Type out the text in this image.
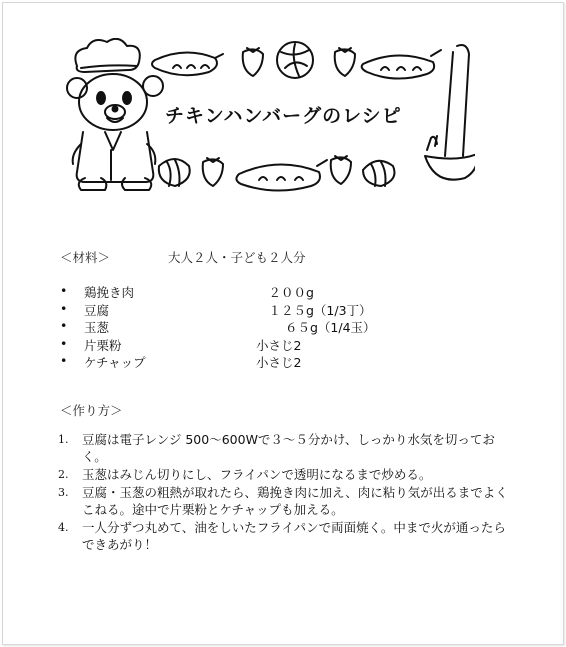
チキンハンバーグのレシピ
＜材料＞	大人２人・子ども２人分
• 鶏挽き肉	　２００g
• 豆腐	　１２５g（1/3丁）
• 玉葱	　　 ６５g（1/4玉）
• 片栗粉	小さじ2
• ケチャップ	小さじ2
＜作り方＞
1. 豆腐は電子レンジ 500〜600Wで３〜５分かけ、しっかり水気を切っておく。
2. 玉葱はみじん切りにし、フライパンで透明になるまで炒める。
3. 豆腐・玉葱の粗熱が取れたら、鶏挽き肉に加え、肉に粘り気が出るまでよくこねる。途中で片栗粉とケチャップも加える。
4. 一人分ずつ丸めて、油をしいたフライパンで両面焼く。中まで火が通ったらできあがり！
